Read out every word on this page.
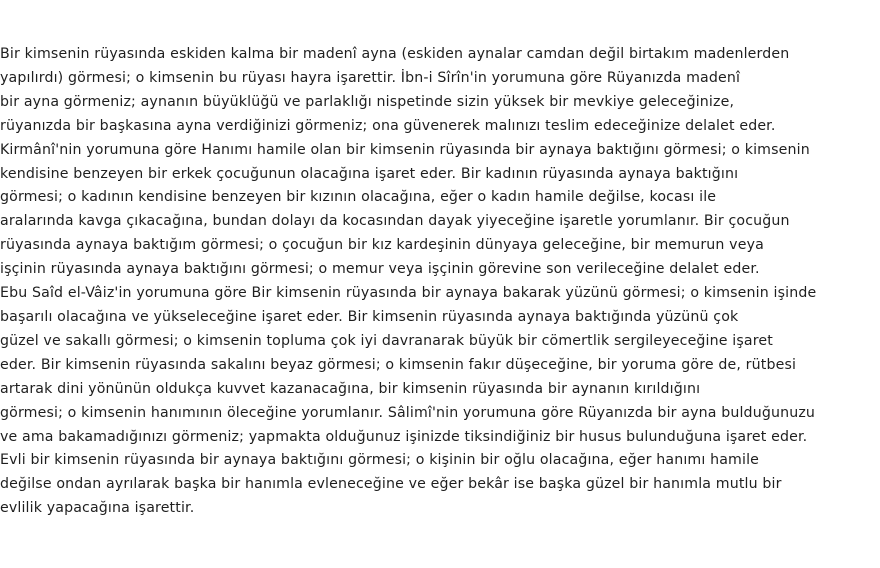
Bir kimsenin rüyasında eskiden kalma bir madenî ayna (eskiden aynalar camdan değil birtakım madenlerden
yapılırdı) görmesi; o kimsenin bu rüyası hayra işarettir. İbn-i Sîrîn'in yorumuna göre Rüyanızda madenî
bir ayna görmeniz; aynanın büyüklüğü ve parlaklığı nispetinde sizin yüksek bir mevkiye geleceğinize,
rüyanızda bir başkasına ayna verdiğinizi görmeniz; ona güvenerek malınızı teslim edeceğinize delalet eder.
Kirmânî'nin yorumuna göre Hanımı hamile olan bir kimsenin rüyasında bir aynaya baktığını görmesi; o kimsenin
kendisine benzeyen bir erkek çocuğunun olacağına işaret eder. Bir kadının rüyasında aynaya baktığını
görmesi; o kadının kendisine benzeyen bir kızının olacağına, eğer o kadın hamile değilse, kocası ile
aralarında kavga çıkacağına, bundan dolayı da kocasından dayak yiyeceğine işaretle yorumlanır. Bir çocuğun
rüyasında aynaya baktığım görmesi; o çocuğun bir kız kardeşinin dünyaya geleceğine, bir memurun veya
işçinin rüyasında aynaya baktığını görmesi; o memur veya işçinin görevine son verileceğine delalet eder.
Ebu Saîd el-Vâiz'in yorumuna göre Bir kimsenin rüyasında bir aynaya bakarak yüzünü görmesi; o kimsenin işinde
başarılı olacağına ve yükseleceğine işaret eder. Bir kimsenin rüyasında aynaya baktığında yüzünü çok
güzel ve sakallı görmesi; o kimsenin topluma çok iyi davranarak büyük bir cömertlik sergileyeceğine işaret
eder. Bir kimsenin rüyasında sakalını beyaz görmesi; o kimsenin fakır düşeceğine, bir yoruma göre de, rütbesi
artarak dini yönünün oldukça kuvvet kazanacağına, bir kimsenin rüyasında bir aynanın kırıldığını
görmesi; o kimsenin hanımının öleceğine yorumlanır. Sâlimî'nin yorumuna göre Rüyanızda bir ayna bulduğunuzu
ve ama bakamadığınızı görmeniz; yapmakta olduğunuz işinizde tiksindiğiniz bir husus bulunduğuna işaret eder.
Evli bir kimsenin rüyasında bir aynaya baktığını görmesi; o kişinin bir oğlu olacağına, eğer hanımı hamile
değilse ondan ayrılarak başka bir hanımla evleneceğine ve eğer bekâr ise başka güzel bir hanımla mutlu bir
evlilik yapacağına işarettir.
